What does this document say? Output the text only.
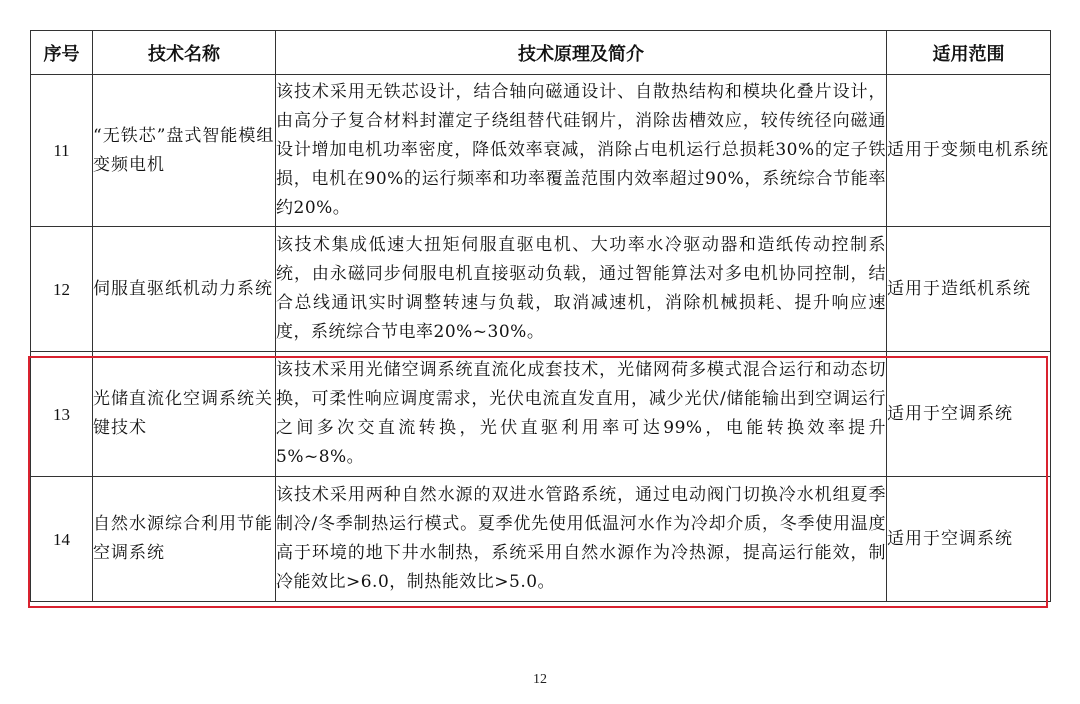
序号	技术名称	技术原理及简介	适用范围
11	“无铁芯”盘式智能模组变频电机	该技术采用无铁芯设计，结合轴向磁通设计、自散热结构和模块化叠片设计，由高分子复合材料封灌定子绕组替代硅钢片，消除齿槽效应，较传统径向磁通设计增加电机功率密度，降低效率衰减，消除占电机运行总损耗30%的定子铁损，电机在90%的运行频率和功率覆盖范围内效率超过90%，系统综合节能率约20%。	适用于变频电机系统
12	伺服直驱纸机动力系统	该技术集成低速大扭矩伺服直驱电机、大功率水冷驱动器和造纸传动控制系统，由永磁同步伺服电机直接驱动负载，通过智能算法对多电机协同控制，结合总线通讯实时调整转速与负载，取消减速机，消除机械损耗、提升响应速度，系统综合节电率20%~30%。	适用于造纸机系统
13	光储直流化空调系统关键技术	该技术采用光储空调系统直流化成套技术，光储网荷多模式混合运行和动态切换，可柔性响应调度需求，光伏电流直发直用，减少光伏/储能输出到空调运行之间多次交直流转换，光伏直驱利用率可达99%，电能转换效率提升5%~8%。	适用于空调系统
14	自然水源综合利用节能空调系统	该技术采用两种自然水源的双进水管路系统，通过电动阀门切换冷水机组夏季制冷/冬季制热运行模式。夏季优先使用低温河水作为冷却介质，冬季使用温度高于环境的地下井水制热，系统采用自然水源作为冷热源，提高运行能效，制冷能效比>6.0，制热能效比>5.0。	适用于空调系统
12
